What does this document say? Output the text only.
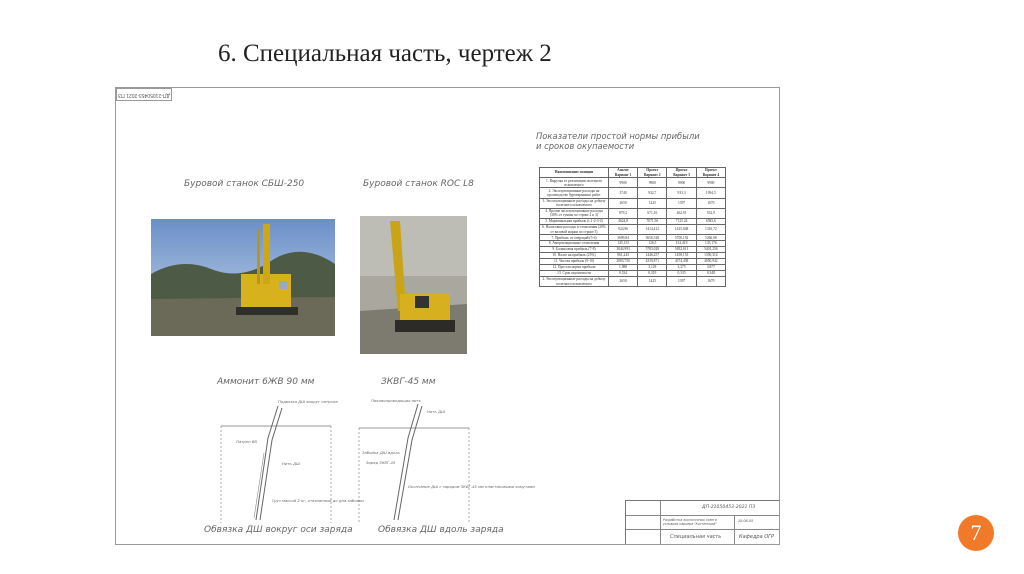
6. Специальная часть, чертеж 2
ДП-21050453-2021 ПЗ
Буровой станок СБШ-250	Буровой станок ROC L8
Аммонит 6ЖВ 90 мм	ЗКВГ-45 мм
Подвязка ДШ вокруг патрона
Патрон ВВ
Нить ДШ
Груз массой 2 кг, отвязанный до дна забойки
Пиковопроводящая нить
Нить ДШ
Забойка ДШ вдоль
Заряд ЗКВГ-45
Окончание ДШ с зарядом ЗКВГ-45 мм пластиковыми хомутами
Обвязка ДШ вокруг оси заряда	Обвязка ДШ вдоль заряда
Показатели простой нормы прибыли
и сроков окупаемости
Наименование позиции	Аналог Вариант 1	Проект Вариант 2	Проект Вариант 3	Проект Вариант 4
1. Выручка от реализации полезного ископаемого	9900	9900	9900	9900
2. Эксплуатационные расходы на производство буровзрывных работ	3740	932,7	933,3	1094,5
3. Эксплуатационные расходы на добычу полезного ископаемого	2650	1425	1397	1670
4. Прочие эксплуатационные расходы (30% от суммы по строке 2 и 3)	879,2	671,16	462,91	552,9
5. Маржинальная прибыль (с.1-2-3-4)	4624,8	7071,56	7125,24	6583,6
6. Налоговые расходы и отчисления (20% от валовой маржи по строке 5)	924,96	1414,412	1425,048	1316,72
7. Прибыль от операций (5-6)	3699,84	5656,528	5700,192	5266,08
8. Амортизационные отчисления	145,153	126,5	132,419	135,176
9. Балансовая прибыль (7-8)	3844,993	5783,028	5832,611	5401,256
10. Налог на прибыль (25%)	961,243	1446,257	1458,153	1350,314
11. Чистая прибыль (9-10)	2883,750	4339,871	4374,458	4050,942
12. Простая норма прибыли	1,988	3,129	3,375	3,877
13. Срок окупаемости	0,534	0,319	0,335	0,348
2. Эксплуатационные расходы на добычу полезного ископаемого	2650	1425	1397	1670
ДП-21050453-2021 ПЗ
Разработка экологичных схем в условиях карьера "Костенский"
18.06.05
Специальная часть	Кафедра ОГР	7
